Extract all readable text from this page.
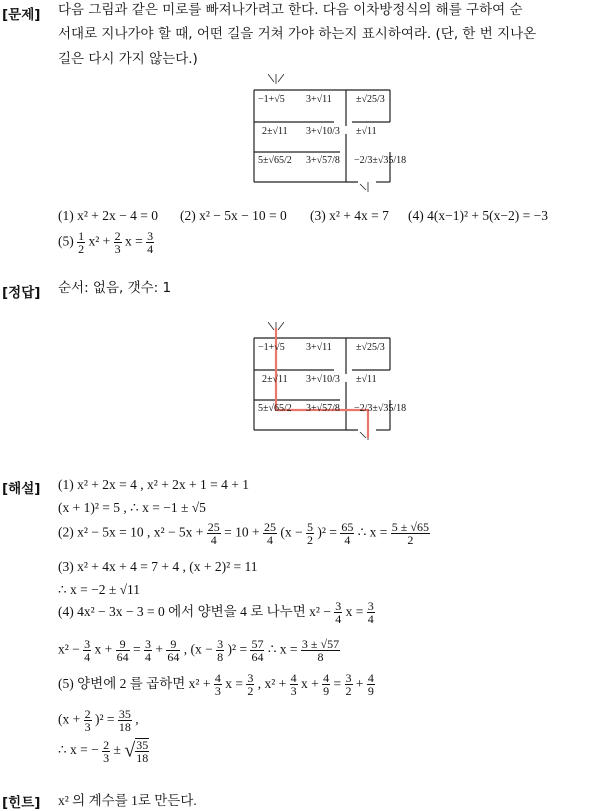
[문제] 다음 그림과 같은 미로를 빠져나가려고 한다. 다음 이차방정식의 해를 구하여 순
서대로 지나가야 할 때, 어떤 길을 거쳐 가야 하는지 표시하여라. (단, 한 번 지나온
길은 다시 가지 않는다.)
−1+√5 3+√11 ±√25/3
2±√11 3+√10/3 ±√11
5±√65/2 3+√57/8 −2/3±√35/18
(1) x² + 2x − 4 = 0 (2) x² − 5x − 10 = 0 (3) x² + 4x = 7 (4) 4(x−1)² + 5(x−2) = −3
$(5) \frac{1}{2} x^2 + \frac{2}{3}$ $x = \frac{3}{4}$
[정답] 순서: 없음, 갯수: 1
−1+√5 3+√11 ±√25/3
2±√11 3+√10/3 ±√11
5±√65/2 3+√57/8 −2/3±√35/18
[해설] (1) x² + 2x = 4 , x² + 2x + 1 = 4 + 1
(x + 1)² = 5 , ∴ x = −1 ± √5
(2) x² − 5x = 10 , $x^2 - 5x + \frac{25}{4} = 10 + \frac{25}{4} (x - \frac{5}{2} )^2 = \frac{65}{4}$ ∴ $x = \frac{5 \pm √65}{2}$
(3) x² + 4x + 4 = 7 + 4 , (x + 2)² = 11
∴ x = −2 ± √11
(4) 4x² − 3x − 3 = 0 에서 양변을 4 로 나누면 $x^2 - \frac{3}{4}$ $x = \frac{3}{4}$
$x^2 - \frac{3}{4}$ $x + \frac{9}{64} = \frac{3}{4} + \frac{9}{64}$ , $(x - \frac{3}{8} )^2 = \frac{57}{64}$ ∴ $x = \frac{3 \pm √57}{8}$
(5) 양변에 2 를 곱하면 $x^2 + \frac{4}{3}$ $x = \frac{3}{2}$ , $x^2 + \frac{4}{3}$ $x + \frac{4}{9} = \frac{3}{2} + \frac{4}{9}$
$(x + \frac{2}{3} )^2 = \frac{35}{18}$ ,
∴ x = − $\frac{2}{3}$ ± √ $\frac{35}{18}$
[힌트] x² 의 계수를 1로 만든다.
